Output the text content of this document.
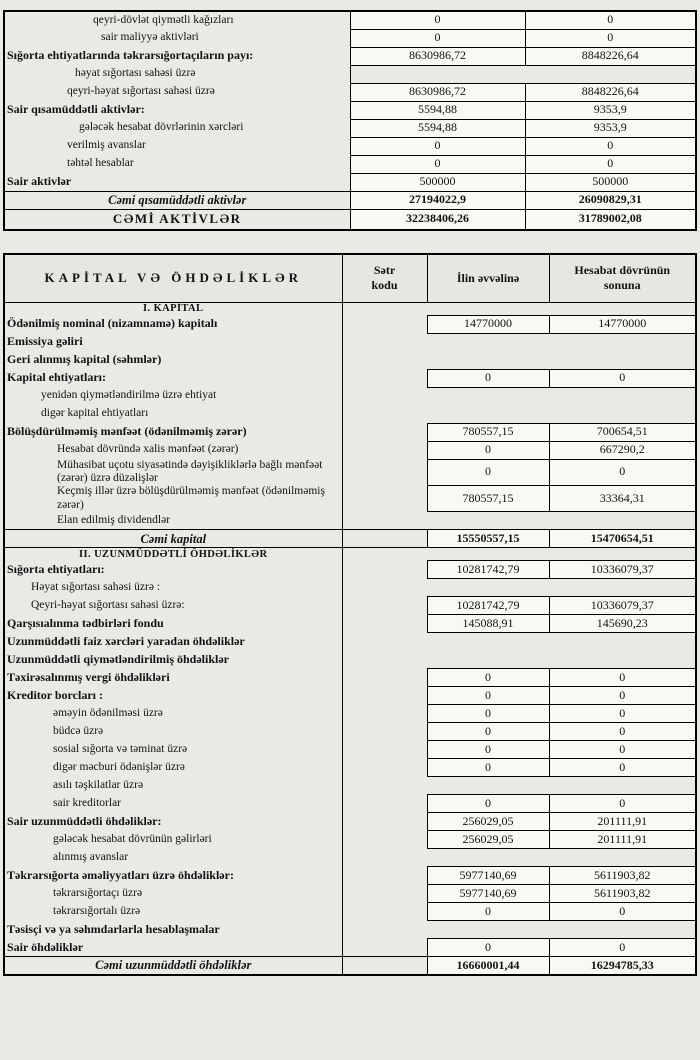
qeyri-dövlət qiymətli kağızları	0	0
sair maliyyə aktivləri	0	0
Sığorta ehtiyatlarında təkrarsığortaçıların payı:	8630986,72	8848226,64
həyat sığortası sahəsi üzrə		
qeyri-həyat sığortası sahəsi üzrə	8630986,72	8848226,64
Sair qısamüddətli aktivlər:	5594,88	9353,9
gələcək hesabat dövrlərinin xərcləri	5594,88	9353,9
verilmiş avanslar	0	0
təhtəl hesablar	0	0
Sair aktivlər	500000	500000
Cəmi qısamüddətli aktivlər	27194022,9	26090829,31
CƏMİ AKTİVLƏR	32238406,26	31789002,08
KAPİTAL VƏ ÖHDƏLİKLƏR	Sətr kodu	İlin əvvəlinə	Hesabat dövrünün sonuna
I. KAPİTAL			
Ödənilmiş nominal (nizamnamə) kapitalı		14770000	14770000
Emissiya gəliri			
Geri alınmış kapital (səhmlər)			
Kapital ehtiyatları:		0	0
yenidən qiymətləndirilmə üzrə ehtiyat			
digər kapital ehtiyatları			
Bölüşdürülməmiş mənfəət (ödənilməmiş zərər)		780557,15	700654,51
Hesabat dövründə xalis mənfəət (zərər)		0	667290,2
Mühasibat uçotu siyasətində dəyişikliklərlə bağlı mənfəət (zərər) üzrə düzəlişlər		0	0
Keçmiş illər üzrə bölüşdürülməmiş mənfəət (ödənilməmiş zərər)		780557,15	33364,31
Elan edilmiş dividendlər			
Cəmi kapital		15550557,15	15470654,51
II. UZUNMÜDDƏTLİ ÖHDƏLİKLƏR			
Sığorta ehtiyatları:		10281742,79	10336079,37
Həyat sığortası sahəsi üzrə :			
Qeyri-həyat sığortası sahəsi üzrə:		10281742,79	10336079,37
Qarşısıalınma tədbirləri fondu		145088,91	145690,23
Uzunmüddətli faiz xərcləri yaradan öhdəliklər			
Uzunmüddətli qiymətləndirilmiş öhdəliklər			
Təxirəsalınmış vergi öhdəlikləri		0	0
Kreditor borcları :		0	0
əməyin ödənilməsi üzrə		0	0
büdcə üzrə		0	0
sosial sığorta və təminat üzrə		0	0
digər məcburi ödənişlər üzrə		0	0
asılı təşkilatlar üzrə			
sair kreditorlar		0	0
Sair uzunmüddətli öhdəliklər:		256029,05	201111,91
gələcək hesabat dövrünün gəlirləri		256029,05	201111,91
alınmış avanslar			
Təkrarsığorta əməliyyatları üzrə öhdəliklər:		5977140,69	5611903,82
təkrarsığortaçı üzrə		5977140,69	5611903,82
təkrarsığortalı üzrə		0	0
Təsisçi və ya səhmdarlarla hesablaşmalar			
Sair öhdəliklər		0	0
Cəmi uzunmüddətli öhdəliklər		16660001,44	16294785,33
